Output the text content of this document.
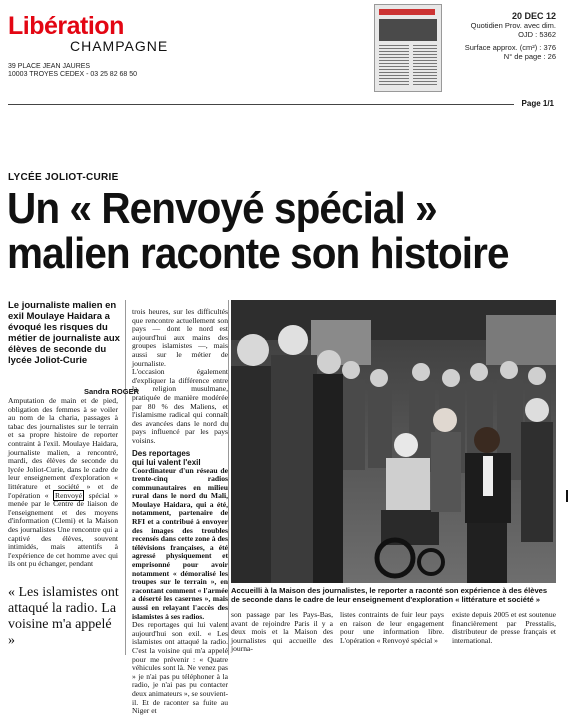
Libération
CHAMPAGNE
39 PLACE JEAN JAURES
10003 TROYES CEDEX - 03 25 82 68 50
20 DEC 12
Quotidien Prov. avec dim.
OJD : 5362
Surface approx. (cm²) : 376
N° de page : 26
Page 1/1
LYCÉE JOLIOT-CURIE
Un « Renvoyé spécial »
malien raconte son histoire
Le journaliste malien en exil Moulaye Haidara a évoqué les risques du métier de journaliste aux élèves de seconde du lycée Joliot-Curie
Sandra ROGER
Amputation de main et de pied, obligation des femmes à se voiler au nom de la charia, passages à tabac des journalistes sur le terrain et sa propre histoire de reporter contraint à l'exil. Moulaye Haidara, journaliste malien, a rencontré, mardi, des élèves de seconde du lycée Joliot-Curie, dans le cadre de leur enseignement d'exploration « littérature et société » et de l'opération « Renvoyé spécial » menée par le Centre de liaison de l'enseignement et des moyens d'information (Clemi) et la Maison des journalistes Une rencontre qui a captivé des élèves, souvent intimidés, mais attentifs à l'expérience de cet homme avec qui ils ont pu échanger, pendant
« Les islamistes ont attaqué la radio. La voisine m'a appelé »
trois heures, sur les difficultés que rencontre actuellement son pays — dont le nord est aujourd'hui aux mains des groupes islamistes —, mais aussi sur le métier de journaliste.
L'occasion également d'expliquer la différence entre la religion musulmane, pratiquée de manière modérée par 80 % des Maliens, et l'islamisme radical qui connaît des avancées dans le nord du pays influencé par les pays voisins.
Des reportages
qui lui valent l'exil
Coordinateur d'un réseau de trente-cinq radios communautaires en milieu rural dans le nord du Mali, Moulaye Haidara, qui a été, notamment, partenaire de RFI et a contribué à envoyer des images des troubles recensés dans cette zone à des télévisions françaises, a été agressé physiquement et emprisonné pour avoir notamment « démoralisé les troupes sur le terrain », en racontant comment « l'armée a déserté les casernes », mais aussi en relayant l'accès des islamistes à ses radios.
Des reportages qui lui valent aujourd'hui son exil. « Les islamistes ont attaqué la radio. C'est la voisine qui m'a appelé pour me prévenir : « Quatre véhicules sont là. Ne venez pas » je n'ai pas pu téléphoner à la radio, je n'ai pas pu contacter deux animateurs », se souvient-il. Et de raconter sa fuite au Niger et
Accueilli à la Maison des journalistes, le reporter a raconté son expérience à des élèves de seconde dans le cadre de leur enseignement d'exploration « littérature et société »
son passage par les Pays-Bas, avant de rejoindre Paris il y a deux mois et la Maison des journalistes qui accueille des journa-
listes contraints de fuir leur pays en raison de leur engagement pour une information libre. L'opération « Renvoyé spécial »
existe depuis 2005 et est soutenue financièrement par Presstalis, distributeur de presse français et international.
